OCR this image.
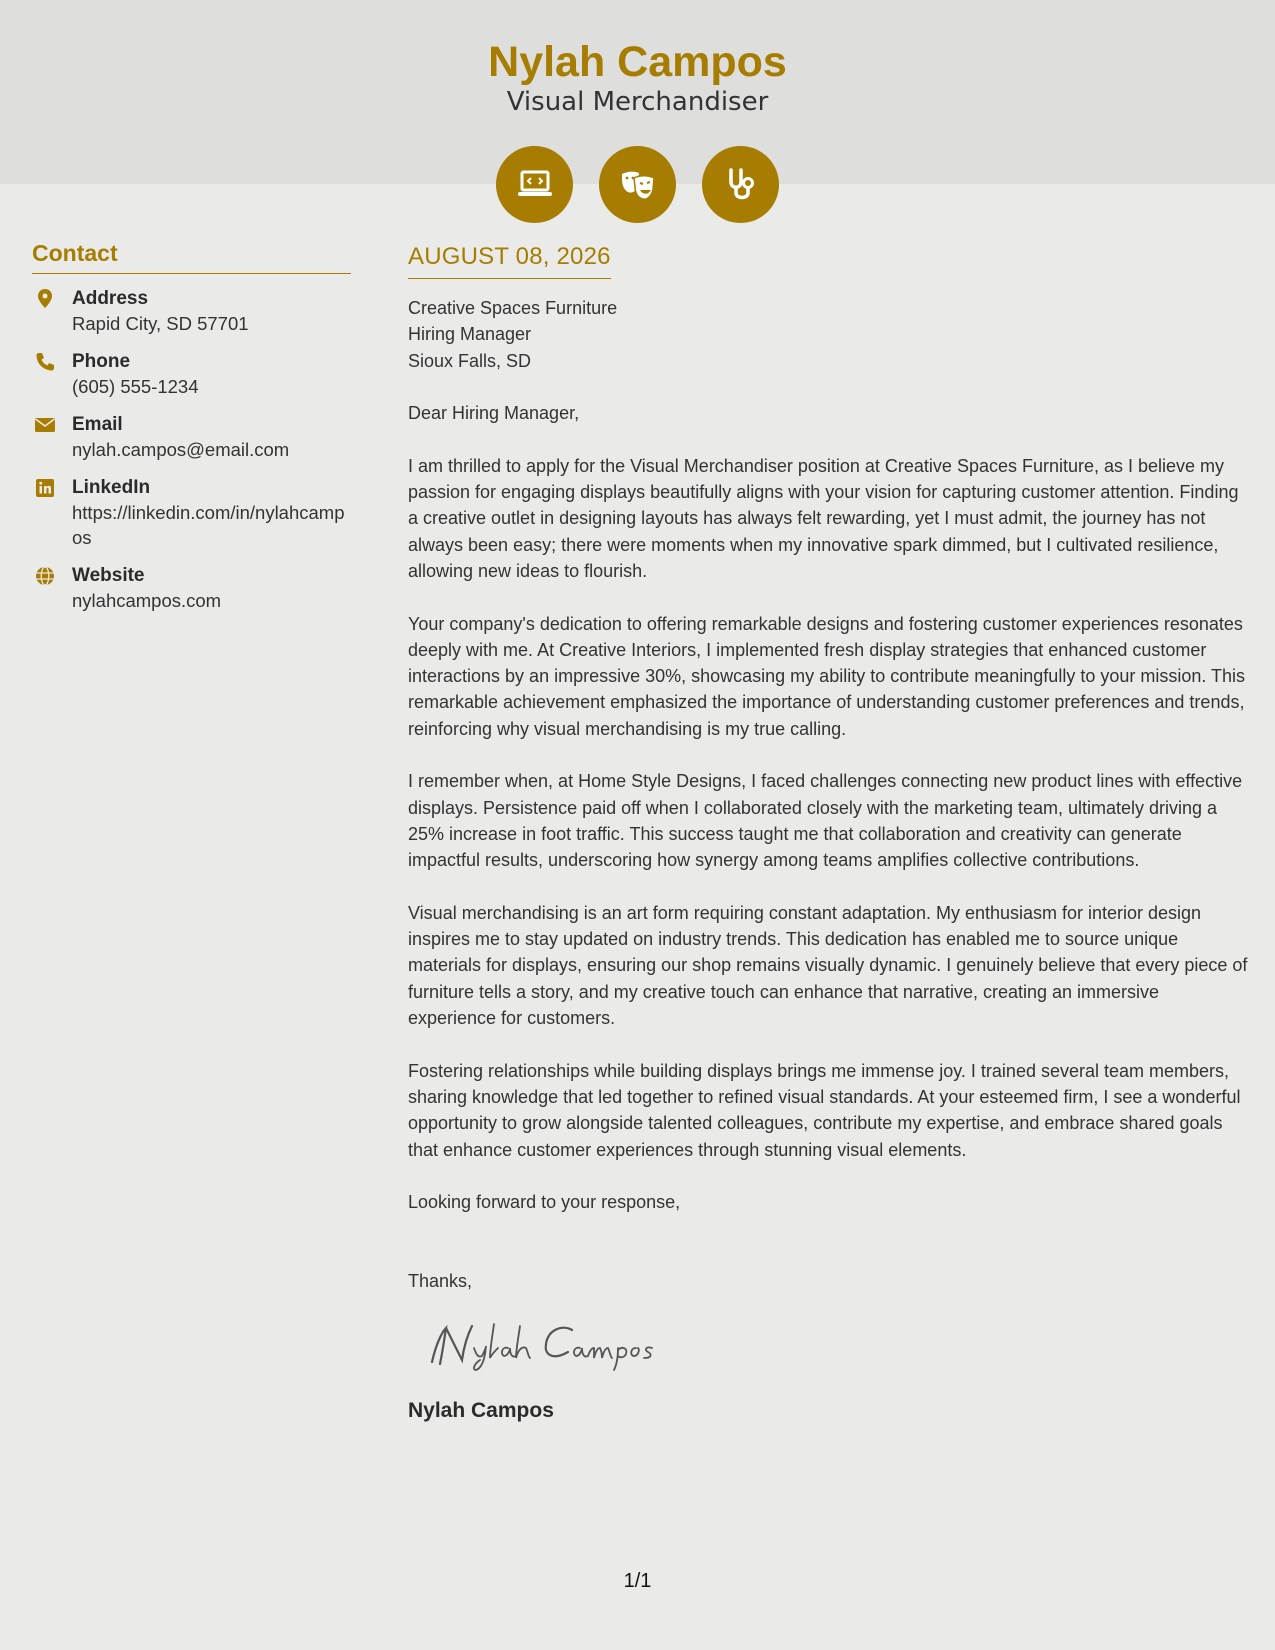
Nylah Campos
Visual Merchandiser
Contact
Address
Rapid City, SD 57701
Phone
(605) 555-1234
Email
nylah.campos@email.com
LinkedIn
https://linkedin.com/in/nylahcampos
Website
nylahcampos.com
AUGUST 08, 2026
Creative Spaces Furniture
Hiring Manager
Sioux Falls, SD

Dear Hiring Manager,

I am thrilled to apply for the Visual Merchandiser position at Creative Spaces Furniture, as I believe my passion for engaging displays beautifully aligns with your vision for capturing customer attention. Finding a creative outlet in designing layouts has always felt rewarding, yet I must admit, the journey has not always been easy; there were moments when my innovative spark dimmed, but I cultivated resilience, allowing new ideas to flourish.

Your company's dedication to offering remarkable designs and fostering customer experiences resonates deeply with me. At Creative Interiors, I implemented fresh display strategies that enhanced customer interactions by an impressive 30%, showcasing my ability to contribute meaningfully to your mission. This remarkable achievement emphasized the importance of understanding customer preferences and trends, reinforcing why visual merchandising is my true calling.

I remember when, at Home Style Designs, I faced challenges connecting new product lines with effective displays. Persistence paid off when I collaborated closely with the marketing team, ultimately driving a 25% increase in foot traffic. This success taught me that collaboration and creativity can generate impactful results, underscoring how synergy among teams amplifies collective contributions.

Visual merchandising is an art form requiring constant adaptation. My enthusiasm for interior design inspires me to stay updated on industry trends. This dedication has enabled me to source unique materials for displays, ensuring our shop remains visually dynamic. I genuinely believe that every piece of furniture tells a story, and my creative touch can enhance that narrative, creating an immersive experience for customers.

Fostering relationships while building displays brings me immense joy. I trained several team members, sharing knowledge that led together to refined visual standards. At your esteemed firm, I see a wonderful opportunity to grow alongside talented colleagues, contribute my expertise, and embrace shared goals that enhance customer experiences through stunning visual elements.

Looking forward to your response,

Thanks,

Nylah Campos
1/1
